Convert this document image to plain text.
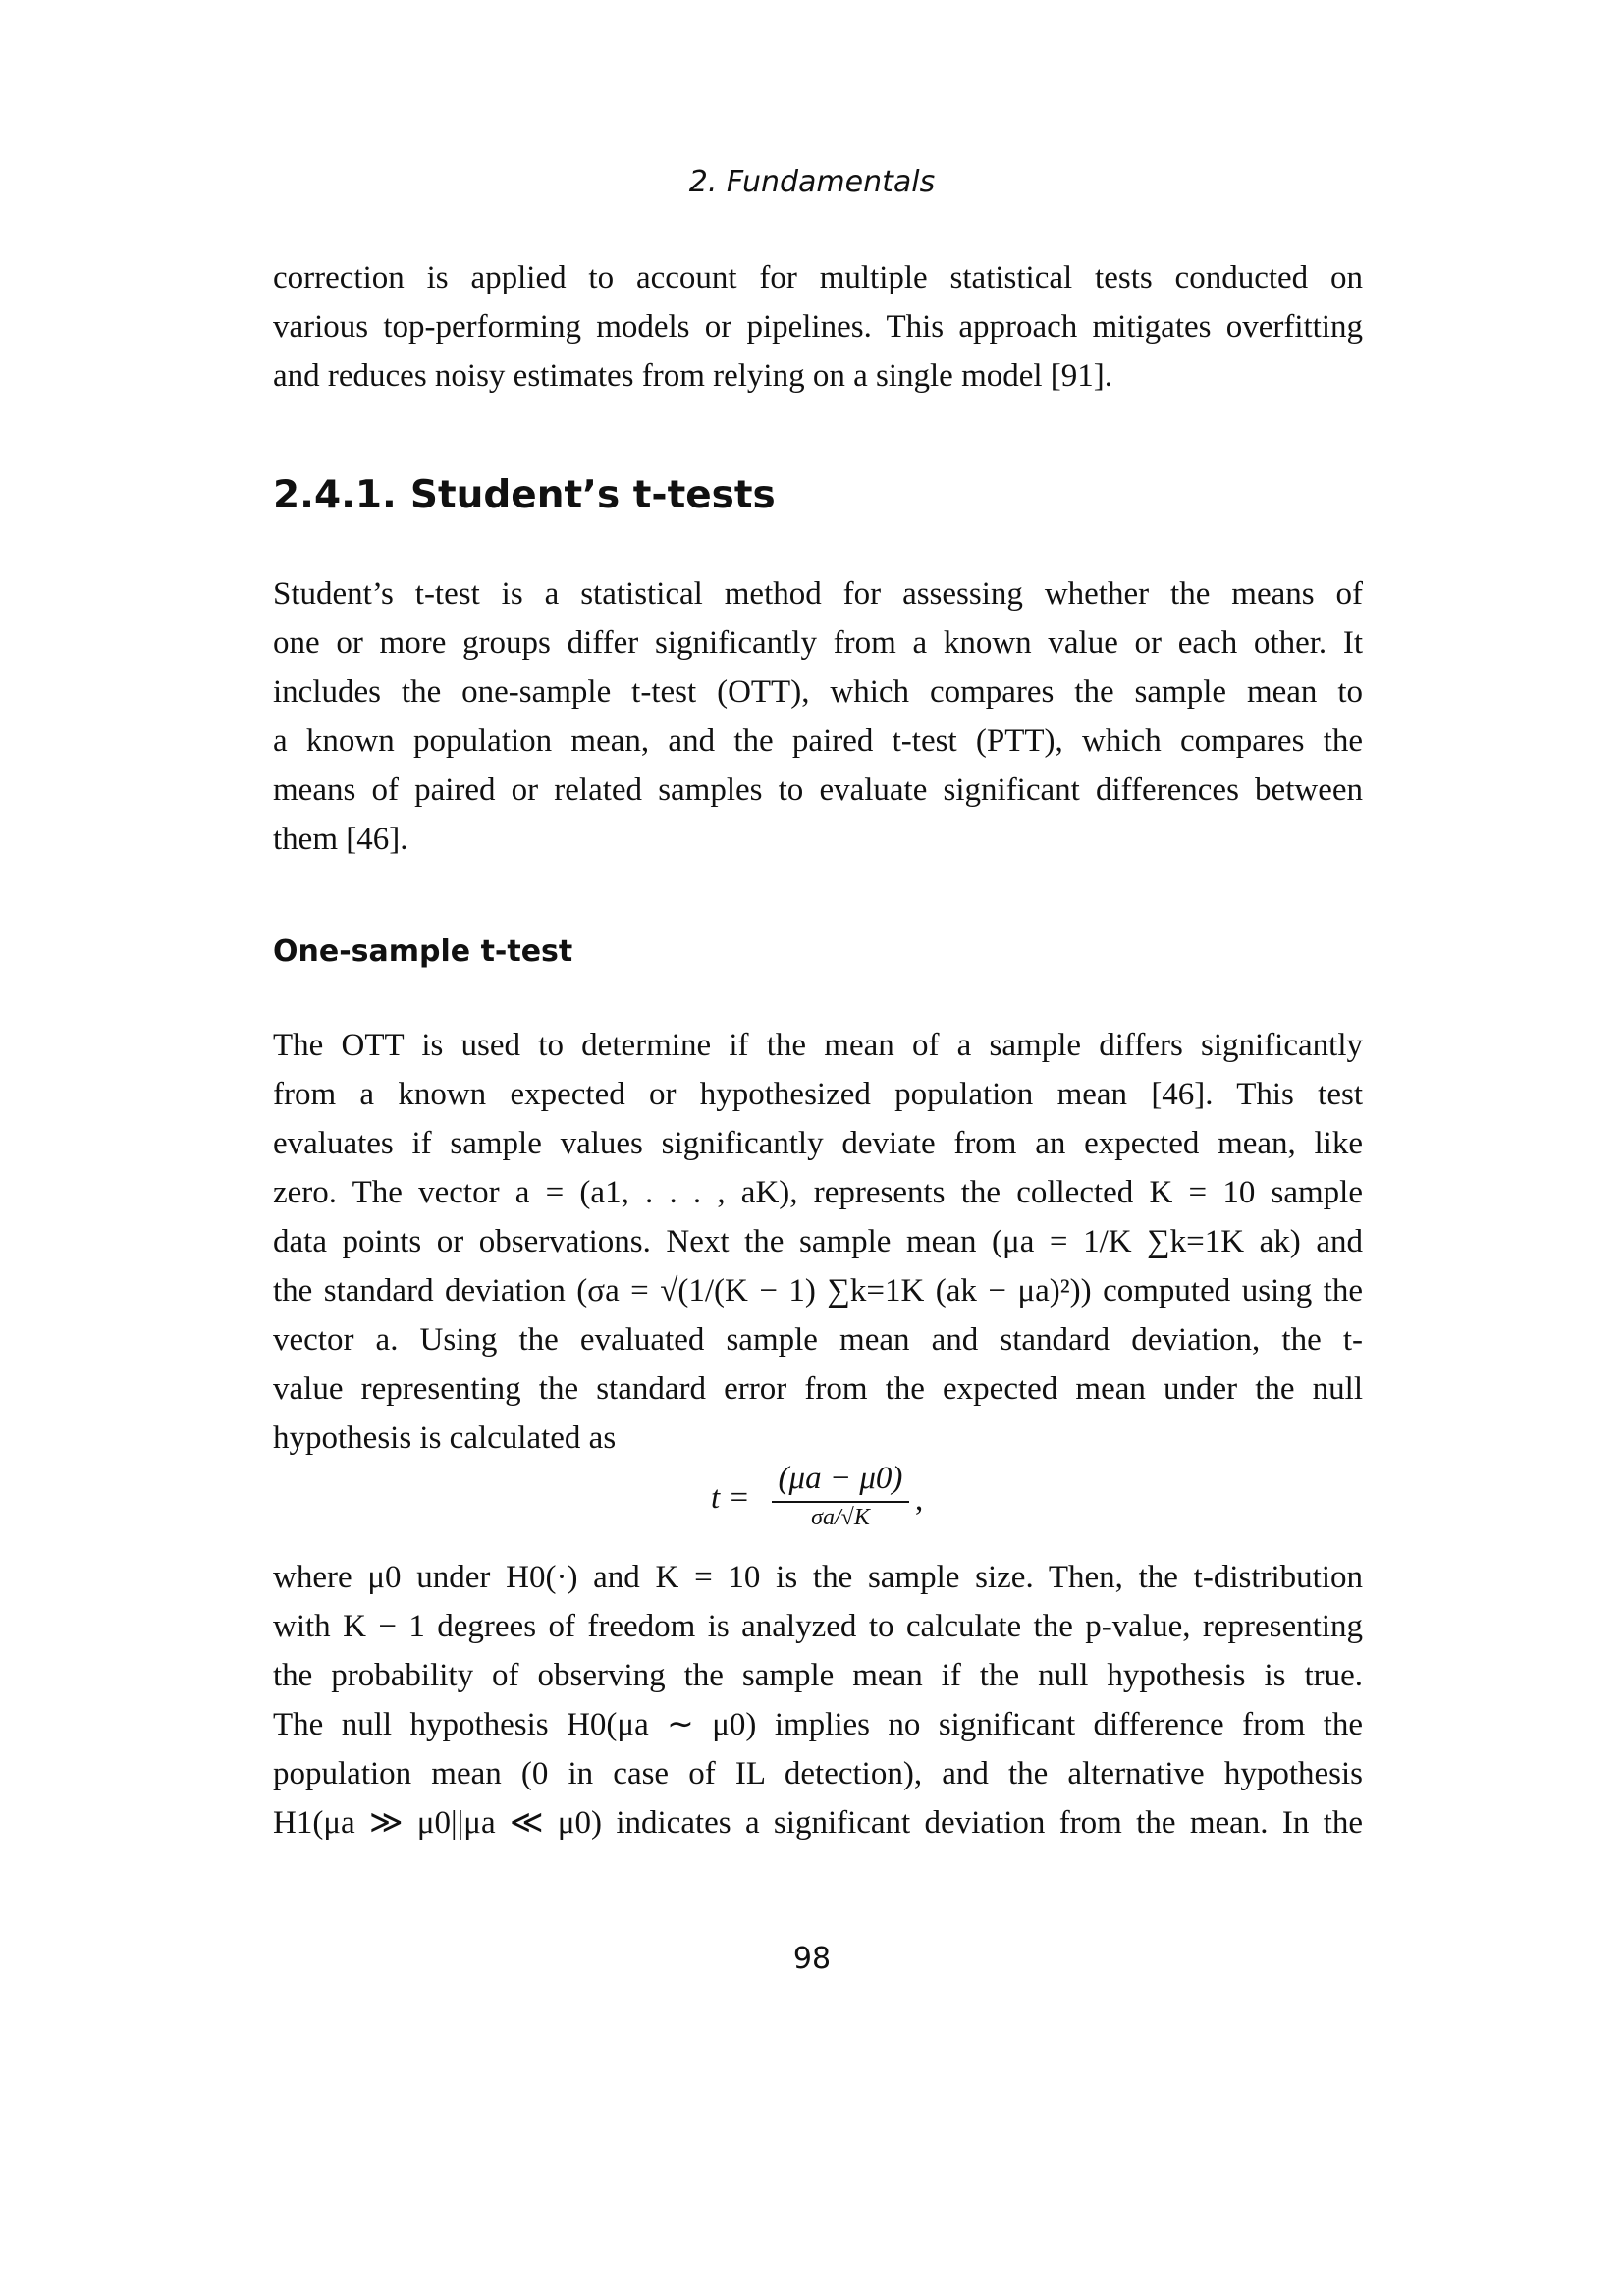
2. Fundamentals

correction is applied to account for multiple statistical tests conducted on
various top-performing models or pipelines. This approach mitigates overfitting
and reduces noisy estimates from relying on a single model [91].

2.4.1. Student’s t-tests

Student’s t-test is a statistical method for assessing whether the means of
one or more groups differ significantly from a known value or each other. It
includes the one-sample t-test (OTT), which compares the sample mean to
a known population mean, and the paired t-test (PTT), which compares the
means of paired or related samples to evaluate significant differences between
them [46].

One-sample t-test

The OTT is used to determine if the mean of a sample differs significantly
from a known expected or hypothesized population mean [46]. This test
evaluates if sample values significantly deviate from an expected mean, like
zero. The vector a = (a1, . . . , aK), represents the collected K = 10 sample
data points or observations. Next the sample mean (μa = 1/K ∑k=1K ak) and
the standard deviation (σa = √(1/(K − 1) ∑k=1K (ak − μa)²)) computed using the
vector a. Using the evaluated sample mean and standard deviation, the t-
value representing the standard error from the expected mean under the null
hypothesis is calculated as

t =
(μa − μ0)
σa/√K	,

where μ0 under H0(·) and K = 10 is the sample size. Then, the t-distribution
with K − 1 degrees of freedom is analyzed to calculate the p-value, representing
the probability of observing the sample mean if the null hypothesis is true.
The null hypothesis H0(μa ∼ μ0) implies no significant difference from the
population mean (0 in case of IL detection), and the alternative hypothesis
H1(μa ≫ μ0||μa ≪ μ0) indicates a significant deviation from the mean. In the

98
